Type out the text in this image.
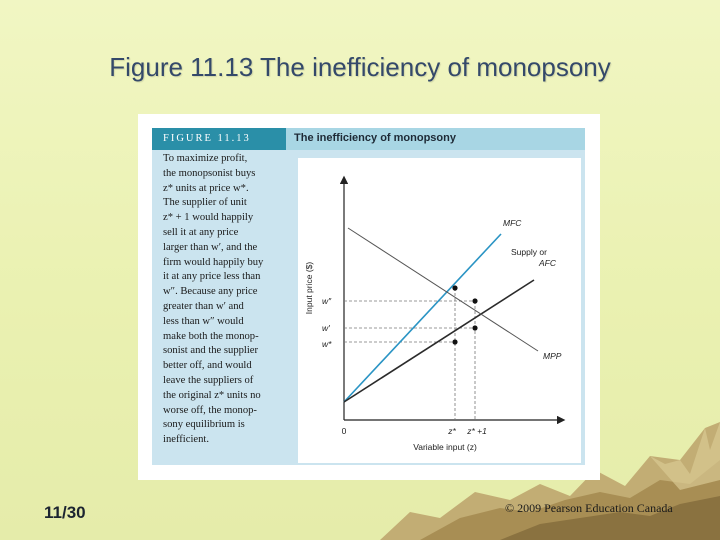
Figure 11.13 The inefficiency of monopsony
FIGURE 11.13	The inefficiency of monopsony
To maximize profit,
the monopsonist buys
z* units at price w*.
The supplier of unit
z* + 1 would happily
sell it at any price
larger than w′, and the
firm would happily buy
it at any price less than
w″. Because any price
greater than w′ and
less than w″ would
make both the monop-
sonist and the supplier
better off, and would
leave the suppliers of
the original z* units no
worse off, the monop-
sony equilibrium is
inefficient.
Input price ($)
Variable input (z)
0	z* z* +1
w″
w′
w*
MFC
Supply or
AFC
MPP
11/30	© 2009 Pearson Education Canada
